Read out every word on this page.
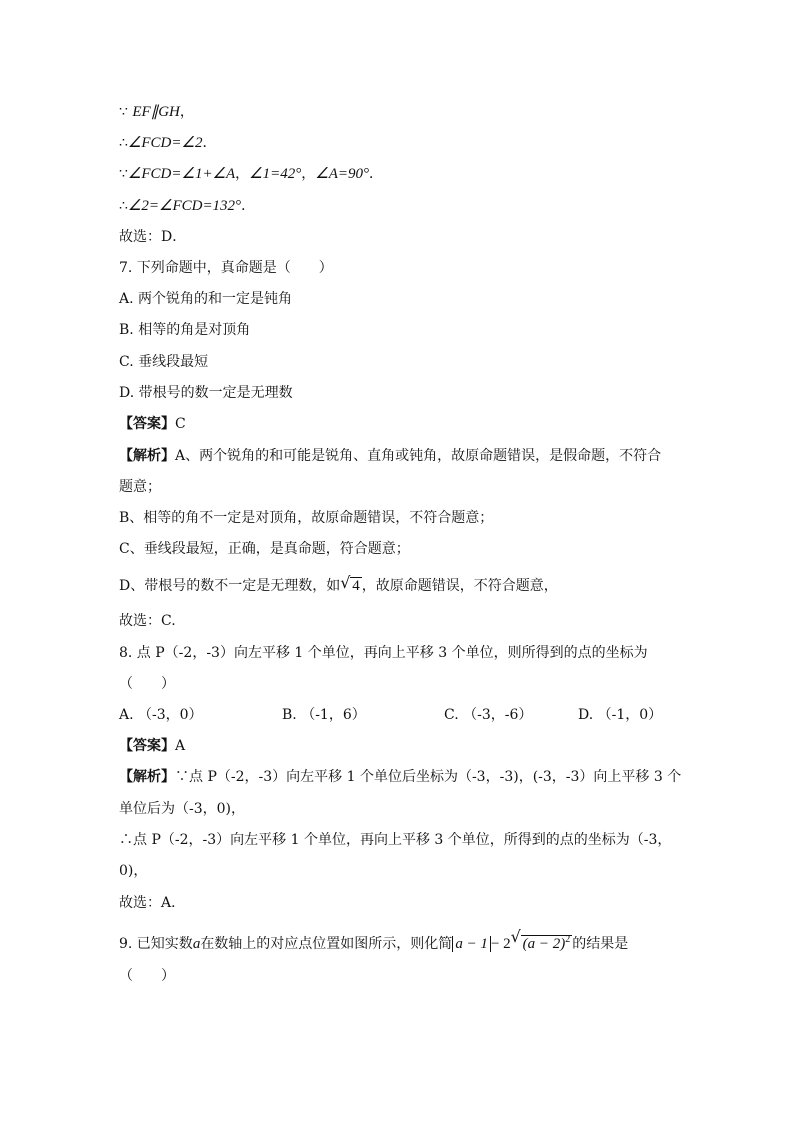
∵ EF∥GH，
∴∠FCD=∠2．
∵∠FCD=∠1+∠A，∠1=42°，∠A=90°．
∴∠2=∠FCD=132°．
故选：D．
7. 下列命题中，真命题是（　　）
A. 两个锐角的和一定是钝角
B. 相等的角是对顶角
C. 垂线段最短
D. 带根号的数一定是无理数
【答案】C
【解析】A、两个锐角的和可能是锐角、直角或钝角，故原命题错误，是假命题，不符合
题意；
B、相等的角不一定是对顶角，故原命题错误，不符合题意；
C、垂线段最短，正确，是真命题，符合题意；
D、带根号的数不一定是无理数，如 √ 4 ，故原命题错误，不符合题意，
故选：C.
8. 点 P（-2，-3）向左平移 1 个单位，再向上平移 3 个单位，则所得到的点的坐标为
（　　）
A. （-3，0）	B. （-1，6）	C. （-3，-6）	D. （-1，0）
【答案】A
【解析】∵点 P（-2，-3）向左平移 1 个单位后坐标为（-3，-3)，(-3，-3）向上平移 3 个
单位后为（-3，0)，
∴点 P（-2，-3）向左平移 1 个单位，再向上平移 3 个单位，所得到的点的坐标为（-3，
0)，
故选：A．
9. 已知实数a在数轴上的对应点位置如图所示，则化简 a − 1 − 2 √ $(a - 2)^2$ 的结果是
（　　）
